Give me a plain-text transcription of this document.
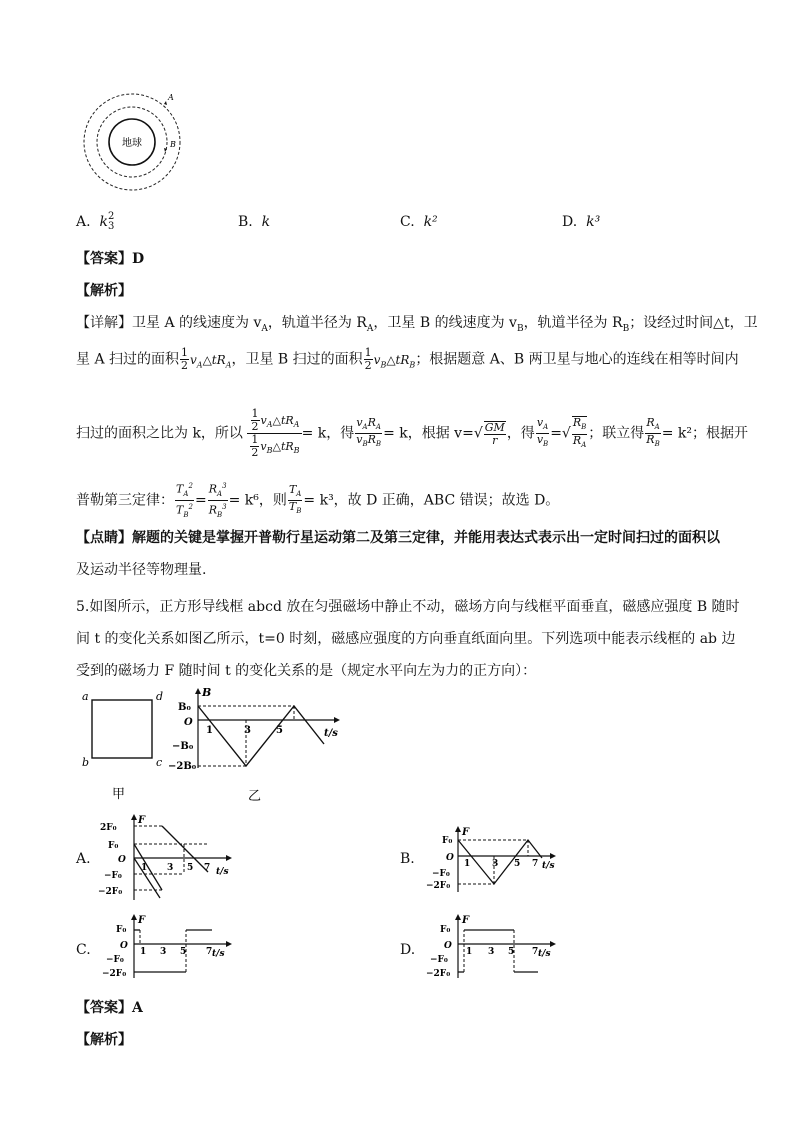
地球
A
B
A. k 2
3	B. k	C. k²	D. k³
【答案】D
【解析】
【详解】卫星 A 的线速度为 $v_A$，轨道半径为 $R_A$，卫星 B 的线速度为 $v_B$，轨道半径为 $R_B$；设经过时间△t，卫
星 A 扫过的面积 $\frac{1}{2}$ $v_A\triangle tR_A$，卫星 B 扫过的面积 $\frac{1}{2}$ $v_B\triangle tR_B$；根据题意 A、B 两卫星与地心的连线在相等时间内
扫过的面积之比为 k，所以
$\frac{1}{2}$ $v_A\triangle tR_A$
$\frac{1}{2}$ $v_B\triangle tR_B$
= k，得 $\frac{v_AR_A}{v_BR_B} = k$，根据 $v=√ \frac{GM}{r}$ ，得 $\frac{v_A}{v_B}$ =√ $\frac{R_B}{R_A}$ ；联立得 $\frac{R_A}{R_B} = k^2$；根据开
普勒第三定律： $\frac{T_A^2}{T_B^2} = \frac{R_A^3}{R_B^3} = k^6$，则 $\frac{T_A}{T_B} = k^3$，故 D 正确，ABC 错误；故选 D。
【点睛】解题的关键是掌握开普勒行星运动第二及第三定律，并能用表达式表示出一定时间扫过的面积以
及运动半径等物理量.
5.如图所示，正方形导线框 abcd 放在匀强磁场中静止不动，磁场方向与线框平面垂直，磁感应强度 B 随时
间 t 的变化关系如图乙所示，t=0 时刻，磁感应强度的方向垂直纸面向里。下列选项中能表示线框的 ab 边
受到的磁场力 F 随时间 t 的变化关系的是（规定水平向左为力的正方向）：
a	d
b	c
甲
B
B₀
O
−B₀
−2B₀
1	3	5	t/s
乙
A.
F
2F₀
F₀
O
−F₀
−2F₀
1 3 5 7 t/s
B.
F
F₀
O
−F₀
−2F₀
1 3 5 7 t/s
C.
F
F₀
O
−F₀
−2F₀
1 3 5 7 t/s	D.
F
F₀
O
−F₀
−2F₀
1 3 5 7 t/s
【答案】A
【解析】
